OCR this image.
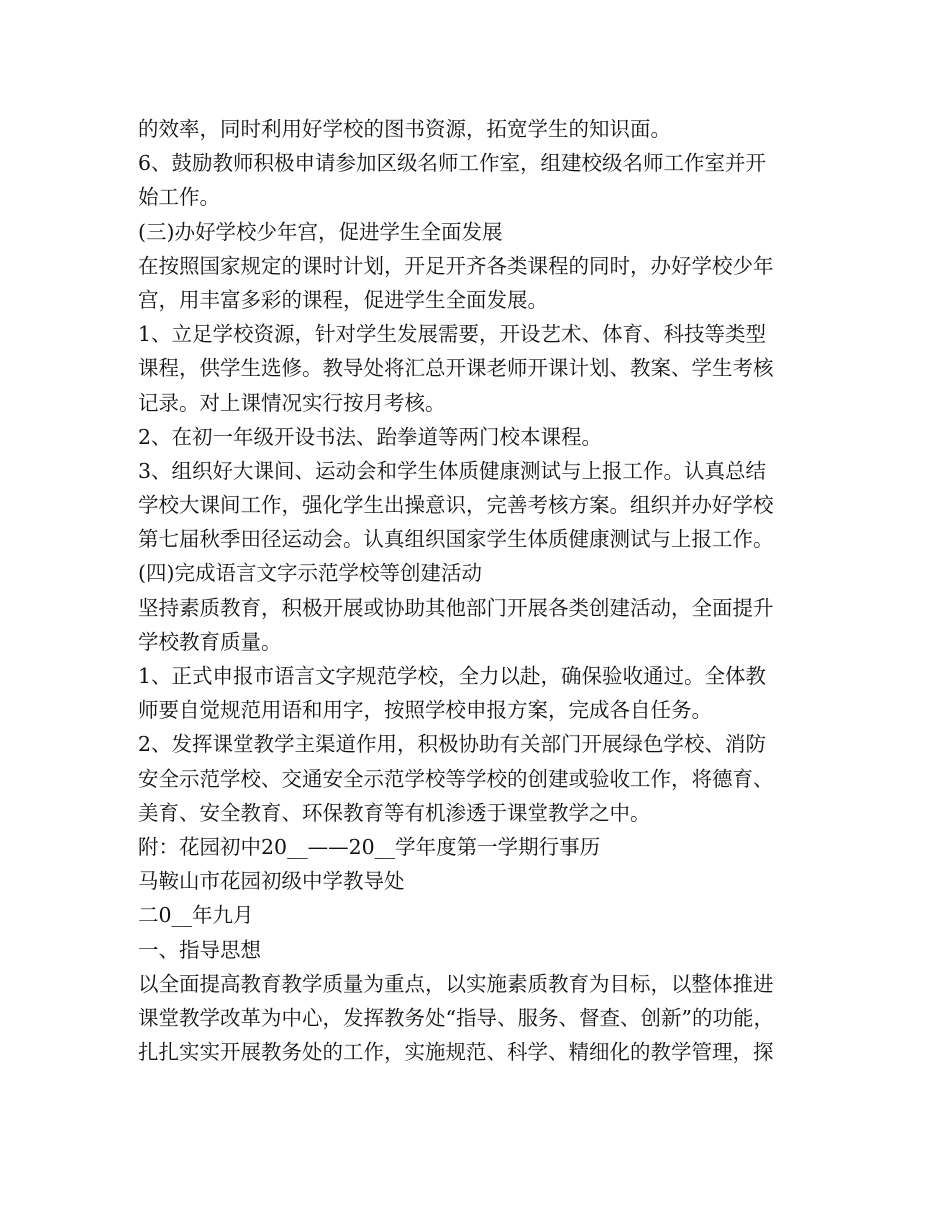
的效率，同时利用好学校的图书资源，拓宽学生的知识面。

6、鼓励教师积极申请参加区级名师工作室，组建校级名师工作室并开

始工作。

(三)办好学校少年宫，促进学生全面发展

在按照国家规定的课时计划，开足开齐各类课程的同时，办好学校少年

宫，用丰富多彩的课程，促进学生全面发展。

1、立足学校资源，针对学生发展需要，开设艺术、体育、科技等类型

课程，供学生选修。教导处将汇总开课老师开课计划、教案、学生考核

记录。对上课情况实行按月考核。

2、在初一年级开设书法、跆拳道等两门校本课程。

3、组织好大课间、运动会和学生体质健康测试与上报工作。认真总结

学校大课间工作，强化学生出操意识，完善考核方案。组织并办好学校

第七届秋季田径运动会。认真组织国家学生体质健康测试与上报工作。

(四)完成语言文字示范学校等创建活动

坚持素质教育，积极开展或协助其他部门开展各类创建活动，全面提升

学校教育质量。

1、正式申报市语言文字规范学校，全力以赴，确保验收通过。全体教

师要自觉规范用语和用字，按照学校申报方案，完成各自任务。

2、发挥课堂教学主渠道作用，积极协助有关部门开展绿色学校、消防

安全示范学校、交通安全示范学校等学校的创建或验收工作，将德育、

美育、安全教育、环保教育等有机渗透于课堂教学之中。

附：花园初中20__——20__学年度第一学期行事历

马鞍山市花园初级中学教导处

二0__年九月

一、指导思想

以全面提高教育教学质量为重点，以实施素质教育为目标，以整体推进

课堂教学改革为中心，发挥教务处“指导、服务、督查、创新”的功能，

扎扎实实开展教务处的工作，实施规范、科学、精细化的教学管理，探
